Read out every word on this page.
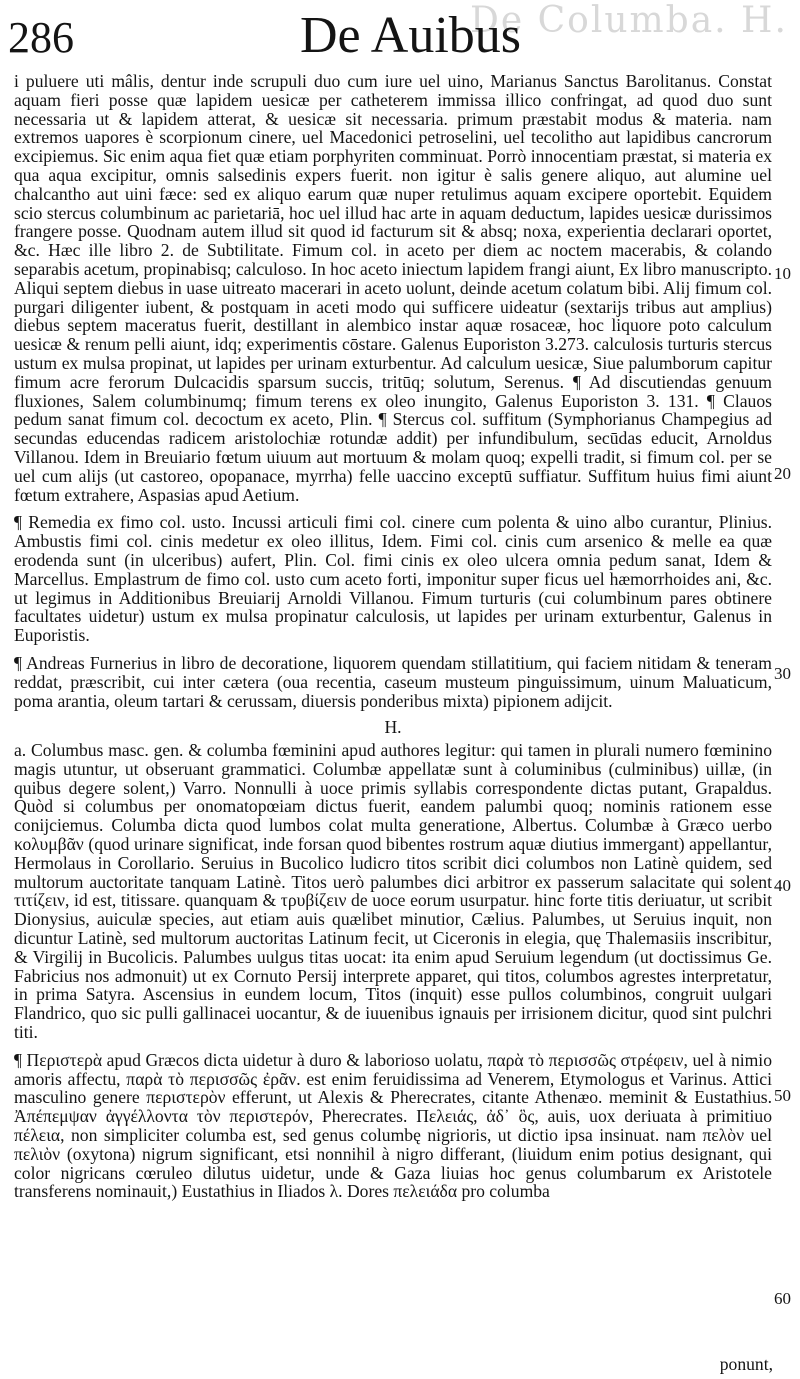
De Columba. H.
286	De Auibus

i puluere uti mâlis, dentur inde scrupuli duo cum iure uel uino, Marianus Sanctus Barolitanus. Constat aquam fieri posse quæ lapidem uesicæ per catheterem immissa illico confringat, ad quod duo sunt necessaria ut & lapidem atterat, & uesicæ sit necessaria. primum præstabit modus & materia. nam extremos uapores è scorpionum cinere, uel Macedonici petroselini, uel tecolitho aut lapidibus cancrorum excipiemus. Sic enim aqua fiet quæ etiam porphyriten comminuat. Porrò innocentiam præstat, si materia ex qua aqua excipitur, omnis salsedinis expers fuerit. non igitur è salis genere aliquo, aut alumine uel chalcantho aut uini fæce: sed ex aliquo earum quæ nuper retulimus aquam excipere oportebit. Equidem scio stercus columbinum ac parietariā, hoc uel illud hac arte in aquam deductum, lapides uesicæ durissimos frangere posse. Quodnam autem illud sit quod id facturum sit & absq; noxa, experientia declarari oportet, &c. Hæc ille libro 2. de Subtilitate. Fimum col. in aceto per diem ac noctem macerabis, & colando separabis acetum, propinabisq; calculoso. In hoc aceto iniectum lapidem frangi aiunt, Ex libro manuscripto. Aliqui septem diebus in uase uitreato macerari in aceto uolunt, deinde acetum colatum bibi. Alij fimum col. purgari diligenter iubent, & postquam in aceti modo qui sufficere uideatur (sextarijs tribus aut amplius) diebus septem maceratus fuerit, destillant in alembico instar aquæ rosaceæ, hoc liquore poto calculum uesicæ & renum pelli aiunt, idq; experimentis cōstare. Galenus Euporiston 3.273. calculosis turturis stercus ustum ex mulsa propinat, ut lapides per urinam exturbentur. Ad calculum uesicæ, Siue palumborum capitur fimum acre ferorum Dulcacidis sparsum succis, tritūq; solutum, Serenus. ¶ Ad discutiendas genuum fluxiones, Salem columbinumq; fimum terens ex oleo inungito, Galenus Euporiston 3. 131. ¶ Clauos pedum sanat fimum col. decoctum ex aceto, Plin. ¶ Stercus col. suffitum (Symphorianus Champegius ad secundas educendas radicem aristolochiæ rotundæ addit) per infundibulum, secūdas educit, Arnoldus Villanou. Idem in Breuiario fœtum uiuum aut mortuum & molam quoq; expelli tradit, si fimum col. per se uel cum alijs (ut castoreo, opopanace, myrrha) felle uaccino exceptū suffiatur. Suffitum huius fimi aiunt fœtum extrahere, Aspasias apud Aetium.

¶ Remedia ex fimo col. usto. Incussi articuli fimi col. cinere cum polenta & uino albo curantur, Plinius. Ambustis fimi col. cinis medetur ex oleo illitus, Idem. Fimi col. cinis cum arsenico & melle ea quæ erodenda sunt (in ulceribus) aufert, Plin. Col. fimi cinis ex oleo ulcera omnia pedum sanat, Idem & Marcellus. Emplastrum de fimo col. usto cum aceto forti, imponitur super ficus uel hæmorrhoides ani, &c. ut legimus in Additionibus Breuiarij Arnoldi Villanou. Fimum turturis (cui columbinum pares obtinere facultates uidetur) ustum ex mulsa propinatur calculosis, ut lapides per urinam exturbentur, Galenus in Euporistis.

¶ Andreas Furnerius in libro de decoratione, liquorem quendam stillatitium, qui faciem nitidam & teneram reddat, præscribit, cui inter cætera (oua recentia, caseum musteum pinguissimum, uinum Maluaticum, poma arantia, oleum tartari & cerussam, diuersis ponderibus mixta) pipionem adijcit.

H.

a. Columbus masc. gen. & columba fœminini apud authores legitur: qui tamen in plurali numero fœminino magis utuntur, ut obseruant grammatici. Columbæ appellatæ sunt à columinibus (culminibus) uillæ, (in quibus degere solent,) Varro. Nonnulli à uoce primis syllabis correspondente dictas putant, Grapaldus. Quòd si columbus per onomatopœiam dictus fuerit, eandem palumbi quoq; nominis rationem esse conijciemus. Columba dicta quod lumbos colat multa generatione, Albertus. Columbæ à Græco uerbo κολυμβᾶν (quod urinare significat, inde forsan quod bibentes rostrum aquæ diutius immergant) appellantur, Hermolaus in Corollario. Seruius in Bucolico ludicro titos scribit dici columbos non Latinè quidem, sed multorum auctoritate tanquam Latinè. Titos uerò palumbes dici arbitror ex passerum salacitate qui solent τιτίζειν, id est, titissare. quanquam & τρυβίζειν de uoce eorum usurpatur. hinc forte titis deriuatur, ut scribit Dionysius, auiculæ species, aut etiam auis quælibet minutior, Cælius. Palumbes, ut Seruius inquit, non dicuntur Latinè, sed multorum auctoritas Latinum fecit, ut Ciceronis in elegia, quę Thalemasiis inscribitur, & Virgilij in Bucolicis. Palumbes uulgus titas uocat: ita enim apud Seruium legendum (ut doctissimus Ge. Fabricius nos admonuit) ut ex Cornuto Persij interprete apparet, qui titos, columbos agrestes interpretatur, in prima Satyra. Ascensius in eundem locum, Titos (inquit) esse pullos columbinos, congruit uulgari Flandrico, quo sic pulli gallinacei uocantur, & de iuuenibus ignauis per irrisionem dicitur, quod sint pulchri titi.

¶ Περιστερὰ apud Græcos dicta uidetur à duro & laborioso uolatu, παρὰ τὸ περισσῶς στρέφειν, uel à nimio amoris affectu, παρὰ τὸ περισσῶς ἐρᾶν. est enim feruidissima ad Venerem, Etymologus et Varinus. Attici masculino genere περιστερὸν efferunt, ut Alexis & Pherecrates, citante Athenæo. meminit & Eustathius. Ἀπέπεμψαν ἀγγέλλοντα τὸν περιστερόν, Pherecrates. Πελειάς, ἀδ᾽ ὃς, auis, uox deriuata à primitiuo πέλεια, non simpliciter columba est, sed genus columbę nigrioris, ut dictio ipsa insinuat. nam πελὸν uel πελιὸν (oxytona) nigrum significant, etsi nonnihil à nigro differant, (liuidum enim potius designant, qui color nigricans cœruleo dilutus uidetur, unde & Gaza liuias hoc genus columbarum ex Aristotele transferens nominauit,) Eustathius in Iliados λ. Dores πελειάδα pro columba

10
20
30
40
50
60
ponunt,
